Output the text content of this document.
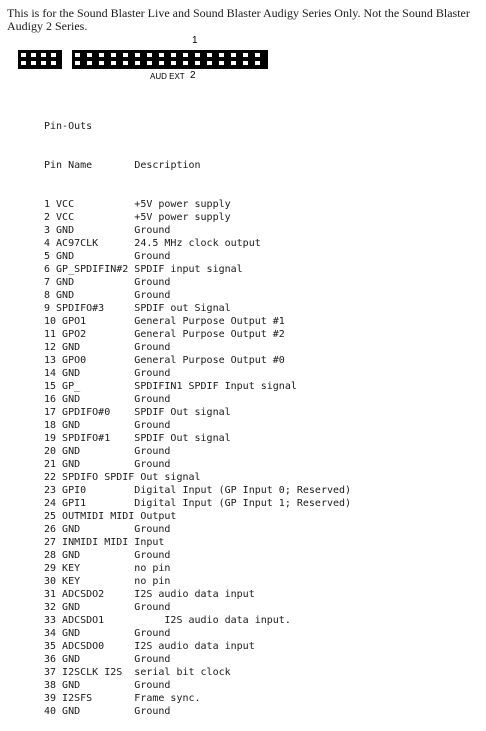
This is for the Sound Blaster Live and Sound Blaster Audigy Series Only. Not the Sound Blaster Audigy 2 Series.
1
2
AUD EXT

Pin-Outs

Pin Name	Description

1 VCC          +5V power supply
2 VCC          +5V power supply
3 GND          Ground
4 AC97CLK      24.5 MHz clock output
5 GND          Ground
6 GP_SPDIFIN#2 SPDIF input signal
7 GND          Ground
8 GND          Ground
9 SPDIFO#3     SPDIF out Signal
10 GPO1        General Purpose Output #1
11 GPO2        General Purpose Output #2
12 GND         Ground
13 GPO0        General Purpose Output #0
14 GND         Ground
15 GP_         SPDIFIN1 SPDIF Input signal
16 GND         Ground
17 GPDIFO#0    SPDIF Out signal
18 GND         Ground
19 SPDIFO#1    SPDIF Out signal
20 GND         Ground
21 GND         Ground
22 SPDIFO SPDIF Out signal
23 GPI0        Digital Input (GP Input 0; Reserved)
24 GPI1        Digital Input (GP Input 1; Reserved)
25 OUTMIDI MIDI Output
26 GND         Ground
27 INMIDI MIDI Input
28 GND         Ground
29 KEY         no pin
30 KEY         no pin
31 ADCSDO2     I2S audio data input
32 GND         Ground
33 ADCSDO1          I2S audio data input.
34 GND         Ground
35 ADCSDO0     I2S audio data input
36 GND         Ground
37 I2SCLK I2S  serial bit clock
38 GND         Ground
39 I2SFS       Frame sync.
40 GND         Ground
